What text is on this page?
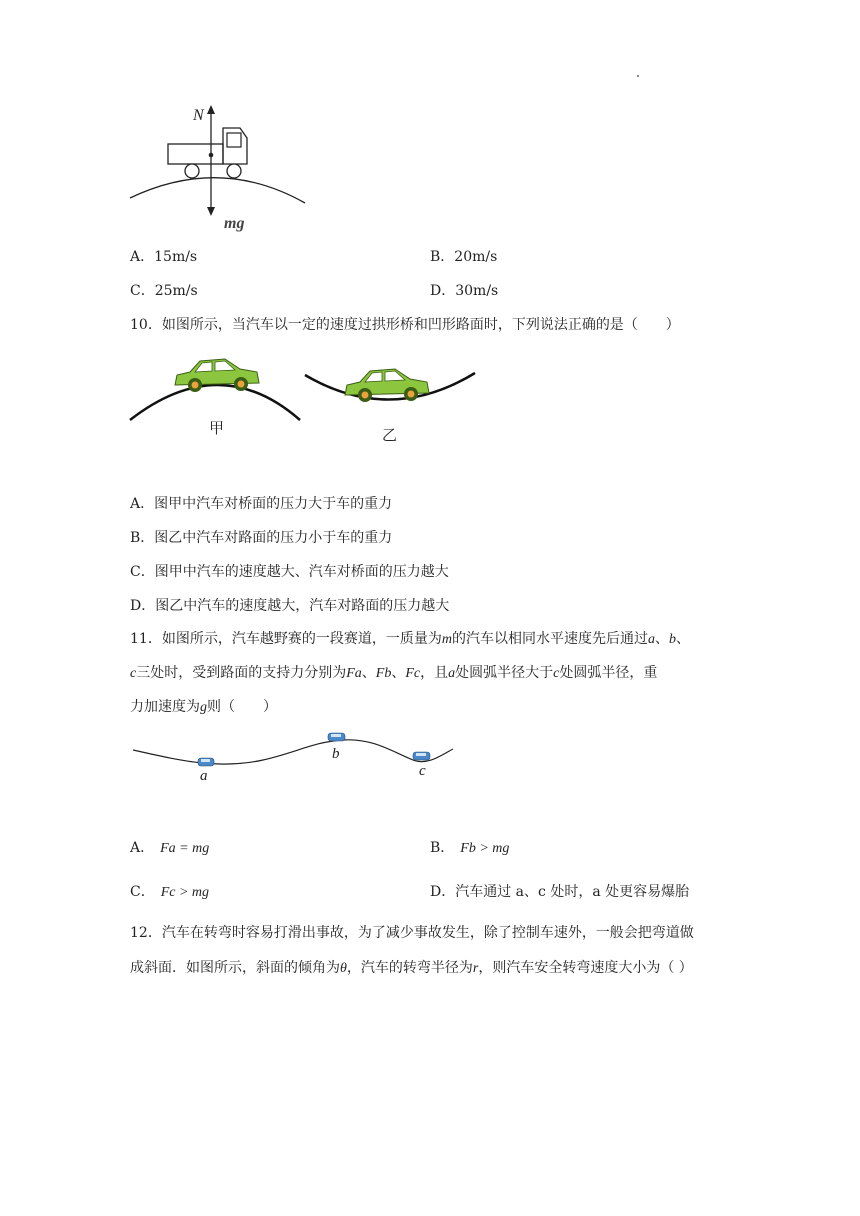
N
mg
A．15m/s	B．20m/s
C．25m/s	D．30m/s
10．如图所示，当汽车以一定的速度过拱形桥和凹形路面时，下列说法正确的是（　　）
甲	乙
A．图甲中汽车对桥面的压力大于车的重力
B．图乙中汽车对路面的压力小于车的重力
C．图甲中汽车的速度越大、汽车对桥面的压力越大
D．图乙中汽车的速度越大，汽车对路面的压力越大
11．如图所示，汽车越野赛的一段赛道，一质量为m的汽车以相同水平速度先后通过a、b、
c三处时，受到路面的支持力分别为Fa、Fb、Fc，且a处圆弧半径大于c处圆弧半径，重
力加速度为g则（　　）
a
b
c
A． Fa = mg	B． Fb > mg
C． Fc > mg	D．汽车通过 a、c 处时，a 处更容易爆胎
12．汽车在转弯时容易打滑出事故，为了减少事故发生，除了控制车速外，一般会把弯道做
成斜面．如图所示，斜面的倾角为θ，汽车的转弯半径为r，则汽车安全转弯速度大小为（ ）
